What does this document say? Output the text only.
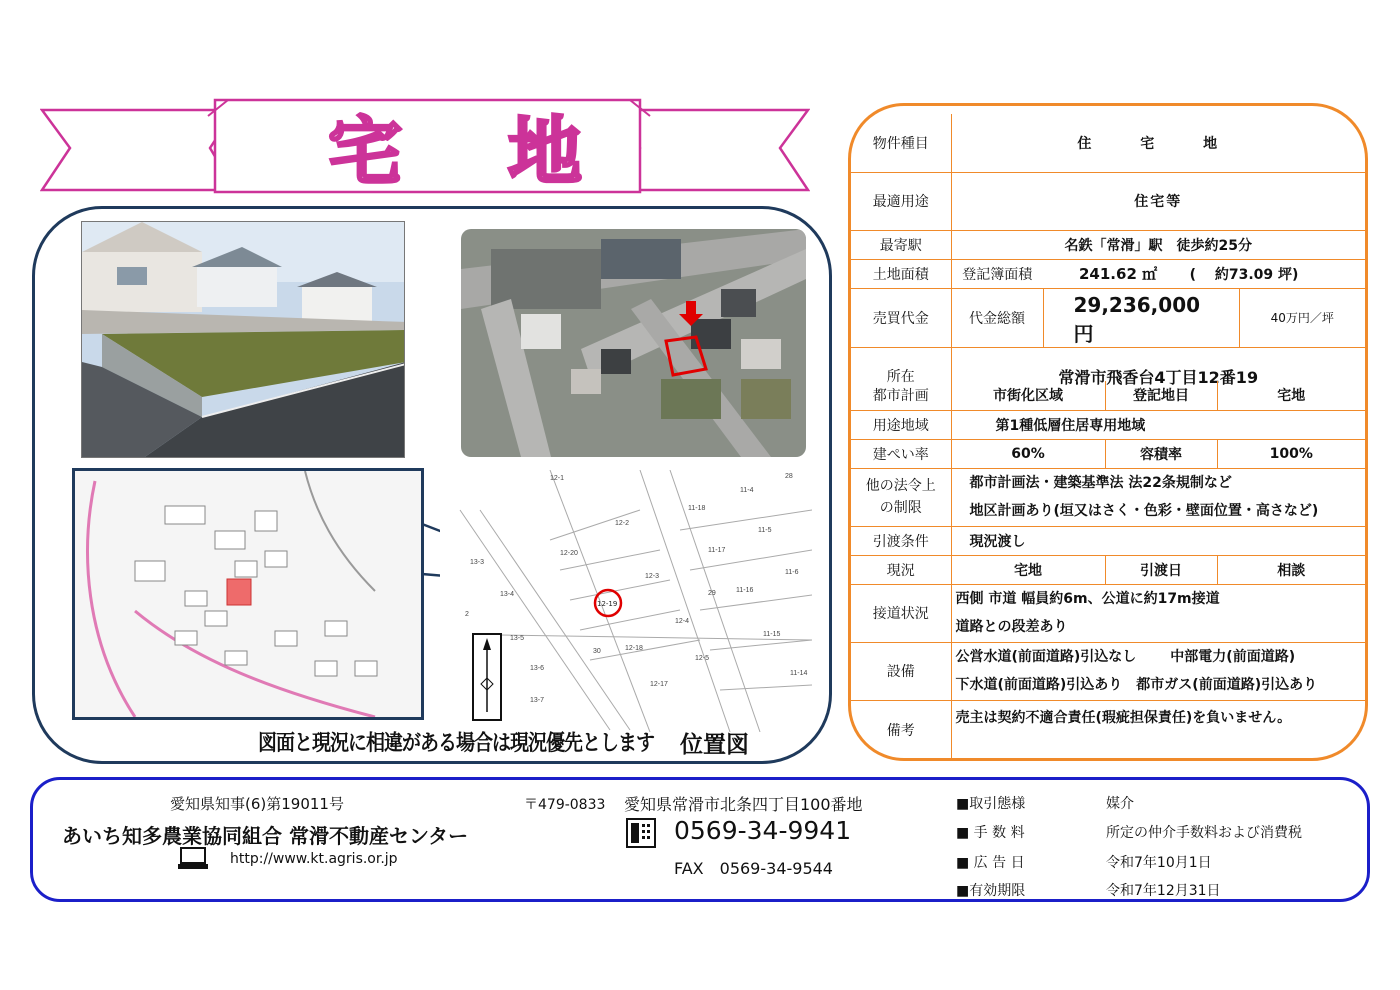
宅 地
12-1
12-2
12-20
12-3
12-4
12-5
12-17
12-18
13-3
13-4
13-5
13-6
13-7
11-4
11-5
11-6
11-14
11-15
11-16
11-17
11-18
29
30
28
2
12-19
図面と現況に相違がある場合は現況優先とします 位置図
物件種目	住 宅 地		
最適用途	住宅等		
最寄駅	名鉄「常滑」駅　徒歩約25分		
土地面積	登記簿面積	241.62 ㎡ (　 約73.09 坪)	
売買代金	代金総額	29,236,000　円	40万円／坪
所在	常滑市飛香台4丁目12番19		
都市計画	市街化区域	登記地目	宅地
用途地域	第1種低層住居専用地域		
建ぺい率	60%	容積率	100%
他の法令上の制限	都市計画法・建築基準法 法22条規制など
地区計画あり(垣又はさく・色彩・壁面位置・高さなど)		

引渡条件	現況渡し		
現況	宅地	引渡日	相談
接道状況	西側 市道 幅員約6m、公道に約17m接道
道路との段差あり		

設備	公営水道(前面道路)引込なし 中部電力(前面道路)
下水道(前面道路)引込あり　都市ガス(前面道路)引込あり		

備考	売主は契約不適合責任(瑕疵担保責任)を負いません。		
愛知県知事(6)第19011号
あいち知多農業協同組合 常滑不動産センター
http://www.kt.agris.or.jp
〒479-0833 愛知県常滑市北条四丁目100番地
0569-34-9941
FAX　0569-34-9544
■取引態様	媒介
■ 手 数 料	所定の仲介手数料および消費税
■ 広 告 日	令和7年10月1日
■有効期限	令和7年12月31日
